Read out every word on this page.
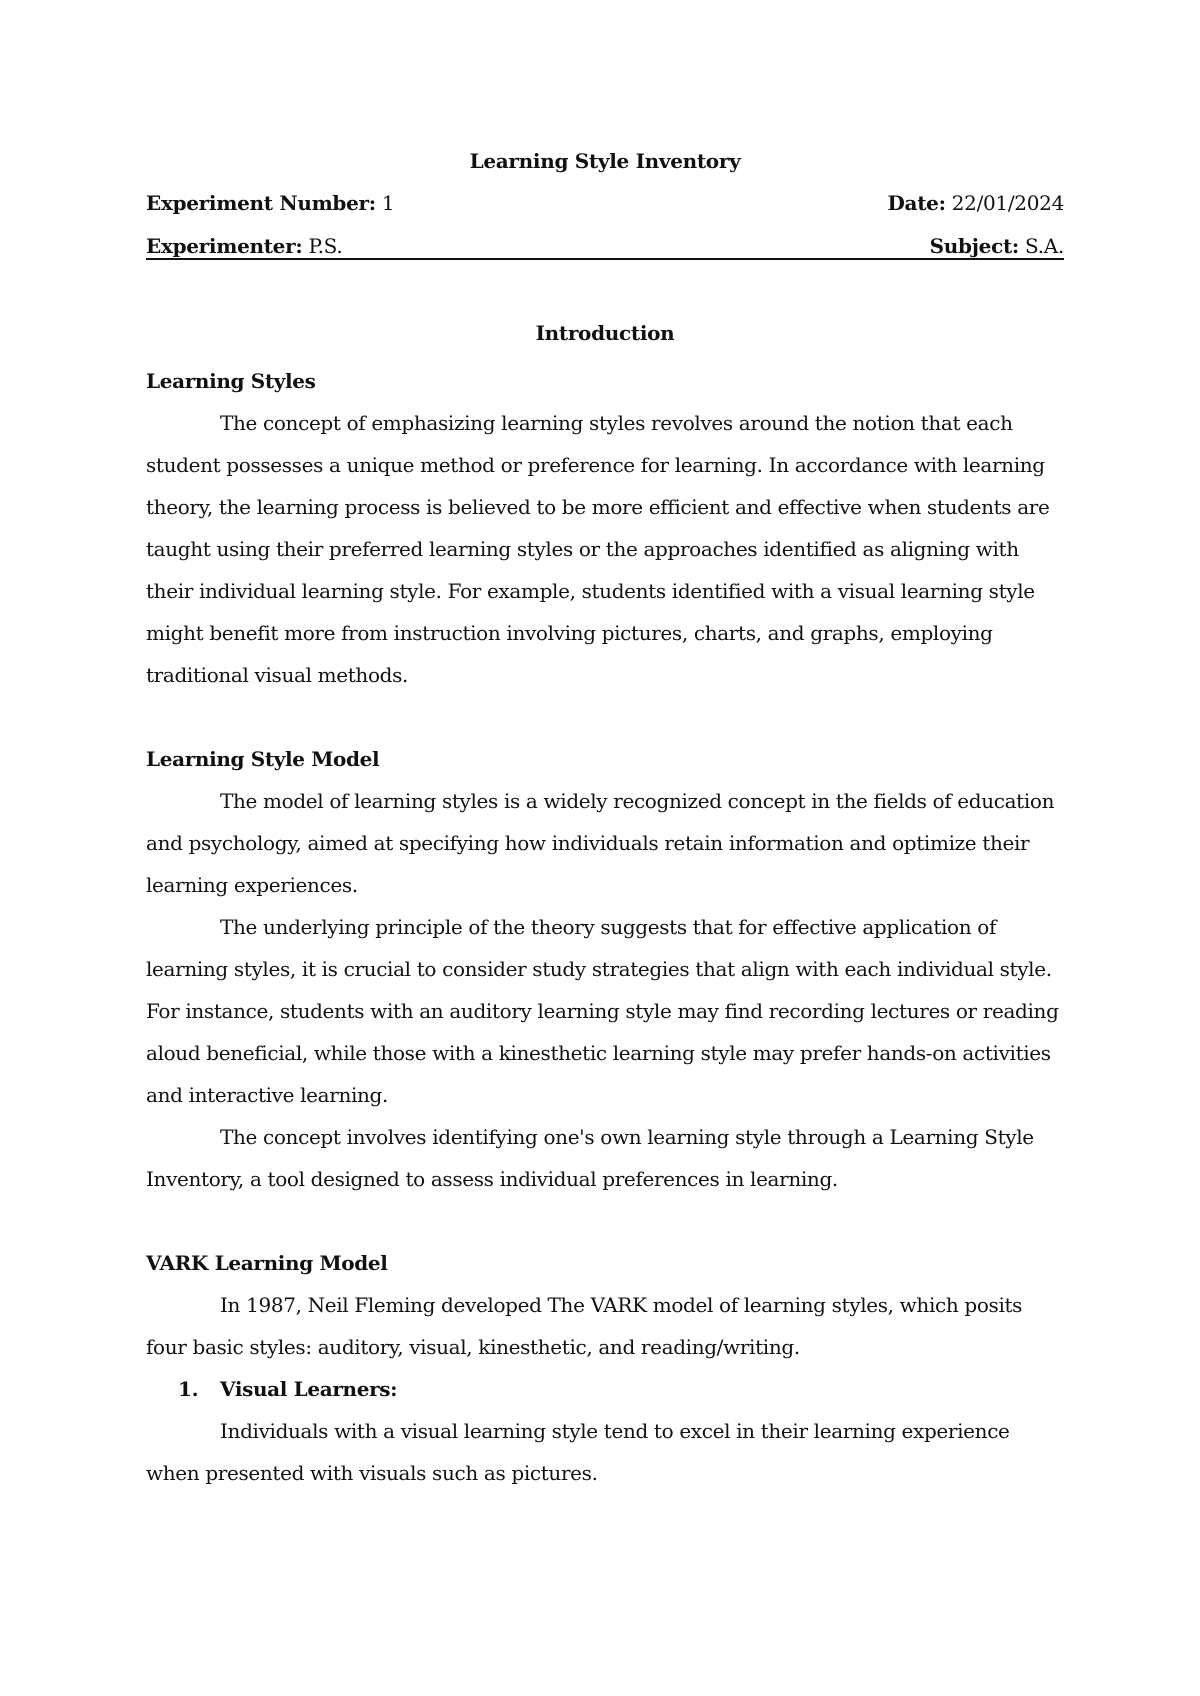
Learning Style Inventory
Experiment Number: 1	Date: 22/01/2024
Experimenter: P.S.	Subject: S.A.
Introduction
Learning Styles

The concept of emphasizing learning styles revolves around the notion that each student possesses a unique method or preference for learning. In accordance with learning theory, the learning process is believed to be more efficient and effective when students are taught using their preferred learning styles or the approaches identified as aligning with their individual learning style. For example, students identified with a visual learning style might benefit more from instruction involving pictures, charts, and graphs, employing traditional visual methods.

Learning Style Model

The model of learning styles is a widely recognized concept in the fields of education and psychology, aimed at specifying how individuals retain information and optimize their learning experiences.

The underlying principle of the theory suggests that for effective application of learning styles, it is crucial to consider study strategies that align with each individual style. For instance, students with an auditory learning style may find recording lectures or reading aloud beneficial, while those with a kinesthetic learning style may prefer hands-on activities and interactive learning.

The concept involves identifying one's own learning style through a Learning Style Inventory, a tool designed to assess individual preferences in learning.

VARK Learning Model

In 1987, Neil Fleming developed The VARK model of learning styles, which posits four basic styles: auditory, visual, kinesthetic, and reading/writing.

1. Visual Learners:

Individuals with a visual learning style tend to excel in their learning experience when presented with visuals such as pictures.
